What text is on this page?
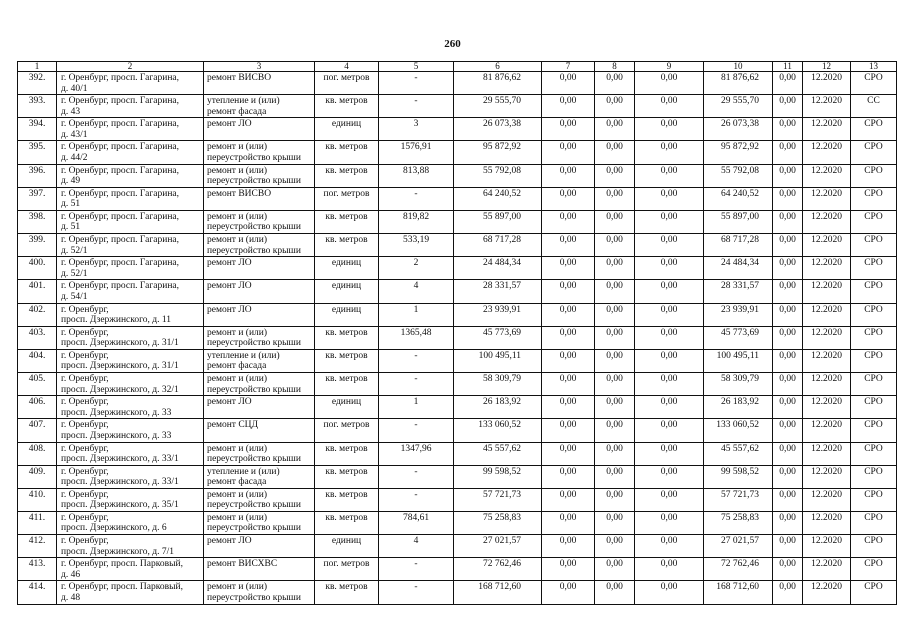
260
1	2	3	4	5	6	7	8	9	10	11	12	13
392.	г. Оренбург, просп. Гагарина,
д. 40/1	ремонт ВИСВО	пог. метров	-	81 876,62	0,00	0,00	0,00	81 876,62	0,00	12.2020	СРО
393.	г. Оренбург, просп. Гагарина,
д. 43	утепление и (или)
ремонт фасада	кв. метров	-	29 555,70	0,00	0,00	0,00	29 555,70	0,00	12.2020	СС
394.	г. Оренбург, просп. Гагарина,
д. 43/1	ремонт ЛО	единиц	3	26 073,38	0,00	0,00	0,00	26 073,38	0,00	12.2020	СРО
395.	г. Оренбург, просп. Гагарина,
д. 44/2	ремонт и (или)
переустройство крыши	кв. метров	1576,91	95 872,92	0,00	0,00	0,00	95 872,92	0,00	12.2020	СРО
396.	г. Оренбург, просп. Гагарина,
д. 49	ремонт и (или)
переустройство крыши	кв. метров	813,88	55 792,08	0,00	0,00	0,00	55 792,08	0,00	12.2020	СРО
397.	г. Оренбург, просп. Гагарина,
д. 51	ремонт ВИСВО	пог. метров	-	64 240,52	0,00	0,00	0,00	64 240,52	0,00	12.2020	СРО
398.	г. Оренбург, просп. Гагарина,
д. 51	ремонт и (или)
переустройство крыши	кв. метров	819,82	55 897,00	0,00	0,00	0,00	55 897,00	0,00	12.2020	СРО
399.	г. Оренбург, просп. Гагарина,
д. 52/1	ремонт и (или)
переустройство крыши	кв. метров	533,19	68 717,28	0,00	0,00	0,00	68 717,28	0,00	12.2020	СРО
400.	г. Оренбург, просп. Гагарина,
д. 52/1	ремонт ЛО	единиц	2	24 484,34	0,00	0,00	0,00	24 484,34	0,00	12.2020	СРО
401.	г. Оренбург, просп. Гагарина,
д. 54/1	ремонт ЛО	единиц	4	28 331,57	0,00	0,00	0,00	28 331,57	0,00	12.2020	СРО
402.	г. Оренбург,
просп. Дзержинского, д. 11	ремонт ЛО	единиц	1	23 939,91	0,00	0,00	0,00	23 939,91	0,00	12.2020	СРО
403.	г. Оренбург,
просп. Дзержинского, д. 31/1	ремонт и (или)
переустройство крыши	кв. метров	1365,48	45 773,69	0,00	0,00	0,00	45 773,69	0,00	12.2020	СРО
404.	г. Оренбург,
просп. Дзержинского, д. 31/1	утепление и (или)
ремонт фасада	кв. метров	-	100 495,11	0,00	0,00	0,00	100 495,11	0,00	12.2020	СРО
405.	г. Оренбург,
просп. Дзержинского, д. 32/1	ремонт и (или)
переустройство крыши	кв. метров	-	58 309,79	0,00	0,00	0,00	58 309,79	0,00	12.2020	СРО
406.	г. Оренбург,
просп. Дзержинского, д. 33	ремонт ЛО	единиц	1	26 183,92	0,00	0,00	0,00	26 183,92	0,00	12.2020	СРО
407.	г. Оренбург,
просп. Дзержинского, д. 33	ремонт СЦД	пог. метров	-	133 060,52	0,00	0,00	0,00	133 060,52	0,00	12.2020	СРО
408.	г. Оренбург,
просп. Дзержинского, д. 33/1	ремонт и (или)
переустройство крыши	кв. метров	1347,96	45 557,62	0,00	0,00	0,00	45 557,62	0,00	12.2020	СРО
409.	г. Оренбург,
просп. Дзержинского, д. 33/1	утепление и (или)
ремонт фасада	кв. метров	-	99 598,52	0,00	0,00	0,00	99 598,52	0,00	12.2020	СРО
410.	г. Оренбург,
просп. Дзержинского, д. 35/1	ремонт и (или)
переустройство крыши	кв. метров	-	57 721,73	0,00	0,00	0,00	57 721,73	0,00	12.2020	СРО
411.	г. Оренбург,
просп. Дзержинского, д. 6	ремонт и (или)
переустройство крыши	кв. метров	784,61	75 258,83	0,00	0,00	0,00	75 258,83	0,00	12.2020	СРО
412.	г. Оренбург,
просп. Дзержинского, д. 7/1	ремонт ЛО	единиц	4	27 021,57	0,00	0,00	0,00	27 021,57	0,00	12.2020	СРО
413.	г. Оренбург, просп. Парковый,
д. 46	ремонт ВИСХВС	пог. метров	-	72 762,46	0,00	0,00	0,00	72 762,46	0,00	12.2020	СРО
414.	г. Оренбург, просп. Парковый,
д. 48	ремонт и (или)
переустройство крыши	кв. метров	-	168 712,60	0,00	0,00	0,00	168 712,60	0,00	12.2020	СРО
